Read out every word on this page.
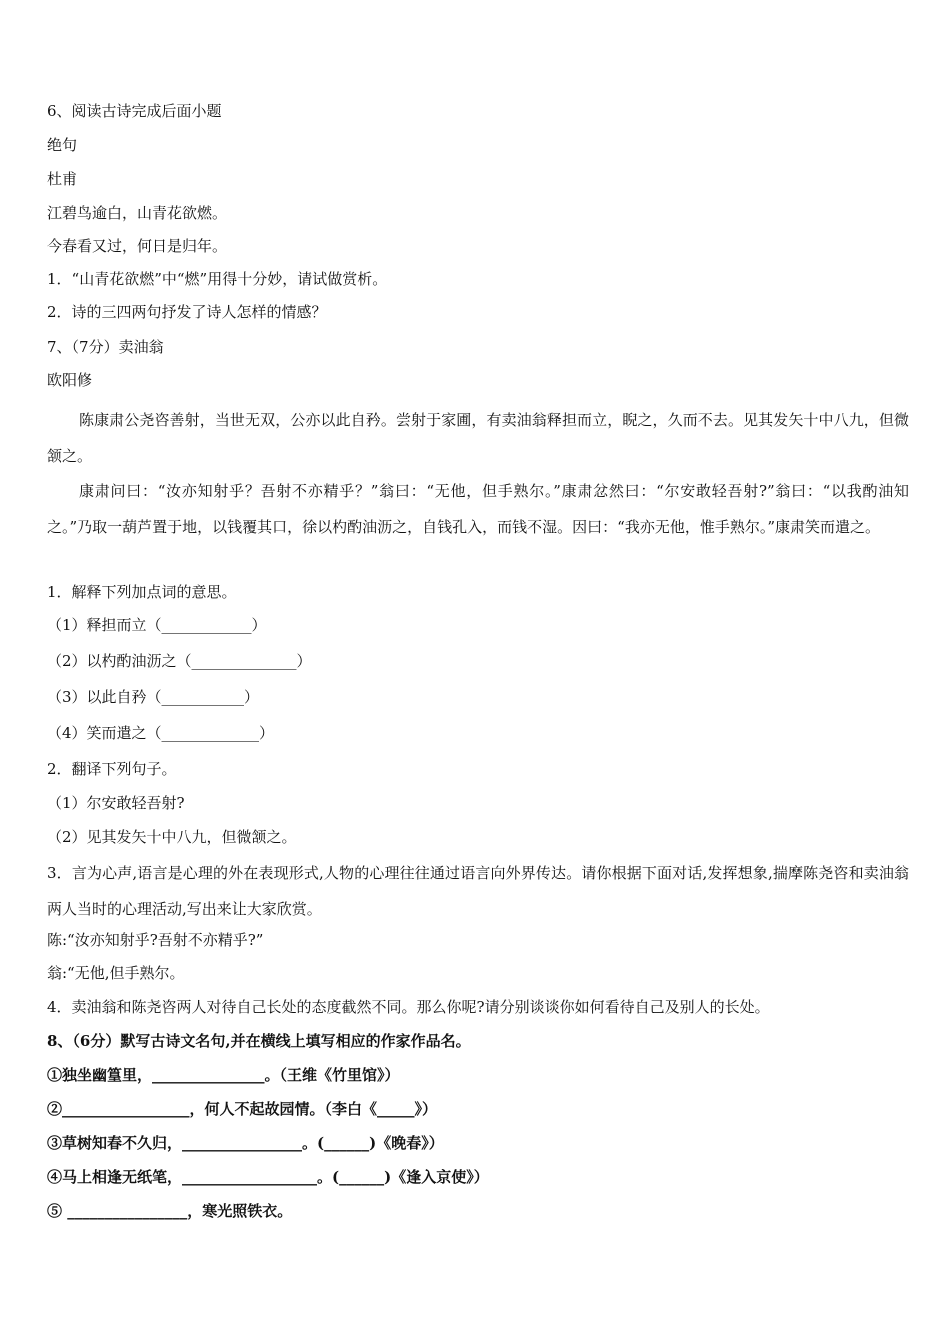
6、阅读古诗完成后面小题
绝句
杜甫
江碧鸟逾白，山青花欲燃。
今春看又过，何日是归年。
1．“山青花欲燃”中“燃”用得十分妙，请试做赏析。
2．诗的三四两句抒发了诗人怎样的情感？
7、（7分）卖油翁
欧阳修
陈康肃公尧咨善射，当世无双，公亦以此自矜。尝射于家圃，有卖油翁释担而立，睨之，久而不去。见其发矢十中八九，但微颔之。
康肃问曰：“汝亦知射乎？吾射不亦精乎？”翁曰：“无他，但手熟尔。”康肃忿然曰：“尔安敢轻吾射?”翁曰：“以我酌油知之。”乃取一葫芦置于地，以钱覆其口，徐以杓酌油沥之，自钱孔入，而钱不湿。因曰：“我亦无他，惟手熟尔。”康肃笑而遣之。
1．解释下列加点词的意思。
（1）释担而立（____________）
（2）以杓酌油沥之（______________）
（3）以此自矜（___________）
（4）笑而遣之（_____________）
2．翻译下列句子。
（1）尔安敢轻吾射?
（2）见其发矢十中八九，但微颔之。
3．言为心声,语言是心理的外在表现形式,人物的心理往往通过语言向外界传达。请你根据下面对话,发挥想象,揣摩陈尧咨和卖油翁两人当时的心理活动,写出来让大家欣赏。
陈:“汝亦知射乎?吾射不亦精乎?”
翁:“无他,但手熟尔。
4．卖油翁和陈尧咨两人对待自己长处的态度截然不同。那么你呢?请分别谈谈你如何看待自己及别人的长处。
8、（6分）默写古诗文名句,并在横线上填写相应的作家作品名。
①独坐幽篁里，_______________。（王维《竹里馆》）
②_________________，何人不起故园情。（李白《_____》）
③草树知春不久归，________________。(______)《晚春》）
④马上相逢无纸笔，__________________。(______)《逢入京使》）
⑤ ________________，寒光照铁衣。
